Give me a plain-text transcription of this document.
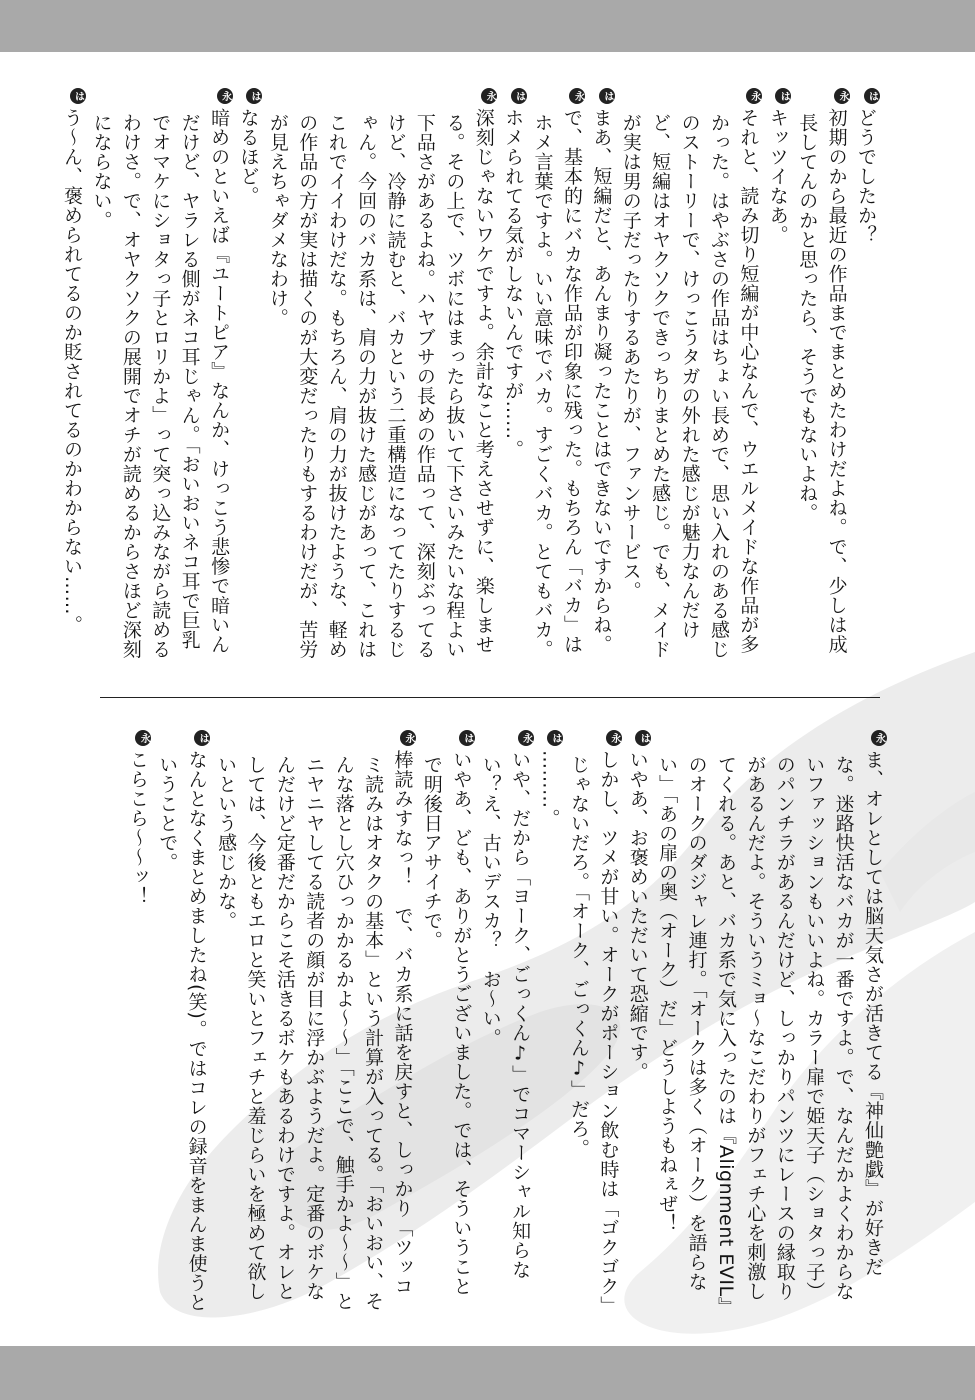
はどうでしたか？
永初期のから最近の作品までまとめたわけだよね。で、少しは成長してんのかと思ったら、そうでもないよね。
はキッツイなあ。
永それと、読み切り短編が中心なんで、ウエルメイドな作品が多かった。はやぶさの作品はちょい長めで、思い入れのある感じのストーリーで、けっこうタガの外れた感じが魅力なんだけど、短編はオヤクソクできっちりまとめた感じ。でも、メイドが実は男の子だったりするあたりが、ファンサービス。
はまあ、短編だと、あんまり凝ったことはできないですからね。
永で、基本的にバカな作品が印象に残った。もちろん「バカ」はホメ言葉ですよ。いい意味でバカ。すごくバカ。とてもバカ。
はホメられてる気がしないんですが……。
永深刻じゃないワケですよ。余計なこと考えさせずに、楽しませる。その上で、ツボにはまったら抜いて下さいみたいな程よい下品さがあるよね。ハヤブサの長めの作品って、深刻ぶってるけど、冷静に読むと、バカという二重構造になってたりするじゃん。今回のバカ系は、肩の力が抜けた感じがあって、これはこれでイイわけだな。もちろん、肩の力が抜けたような、軽めの作品の方が実は描くのが大変だったりもするわけだが、苦労が見えちゃダメなわけ。
はなるほど。
永暗めのといえば『ユートピア』なんか、けっこう悲惨で暗いんだけど、ヤラレる側がネコ耳じゃん。「おいおいネコ耳で巨乳でオマケにショタっ子とロリかよ」って突っ込みながら読めるわけさ。で、オヤクソクの展開でオチが読めるからさほど深刻にならない。
はう〜ん、褒められてるのか貶されてるのかわからない……。
永ま、オレとしては脳天気さが活きてる『神仙艶戯』が好きだな。迷路快活なバカが一番ですよ。で、なんだかよくわからないファッションもいいよね。カラー扉で姫天子（ショタっ子）のパンチラがあるんだけど、しっかりパンツにレースの縁取りがあるんだよ。そういうミョ〜なこだわりがフェチ心を刺激してくれる。あと、バカ系で気に入ったのは『Alignment EVIL』のオークのダジャレ連打。「オークは多く（オーク）を語らない」「あの扉の奥（オーク）だ」どうしようもねぇぜ！
はいやあ、お褒めいただいて恐縮です。
永しかし、ツメが甘い。オークがポーション飲む時は「ゴクゴク」じゃないだろ。「オーク、ごっくん♪」だろ。
は………。
永いや、だから「ヨーク、ごっくん♪」でコマーシャル知らない？え、古いデスカ？　お〜い。
はいやあ、ども、ありがとうございました。では、そういうことで明後日アサイチで。
永棒読みすなっ！　で、バカ系に話を戻すと、しっかり「ツッコミ読みはオタクの基本」という計算が入ってる。「おいおい、そんな落とし穴ひっかかるかよ〜〜」「ここで、触手かよ〜〜」とニヤニヤしてる読者の顔が目に浮かぶようだよ。定番のボケなんだけど定番だからこそ活きるボケもあるわけですよ。オレとしては、今後ともエロと笑いとフェチと羞じらいを極めて欲しいという感じかな。
はなんとなくまとめましたね(笑)。ではコレの録音をまんま使うということで。
永こらこら〜〜ッ！
